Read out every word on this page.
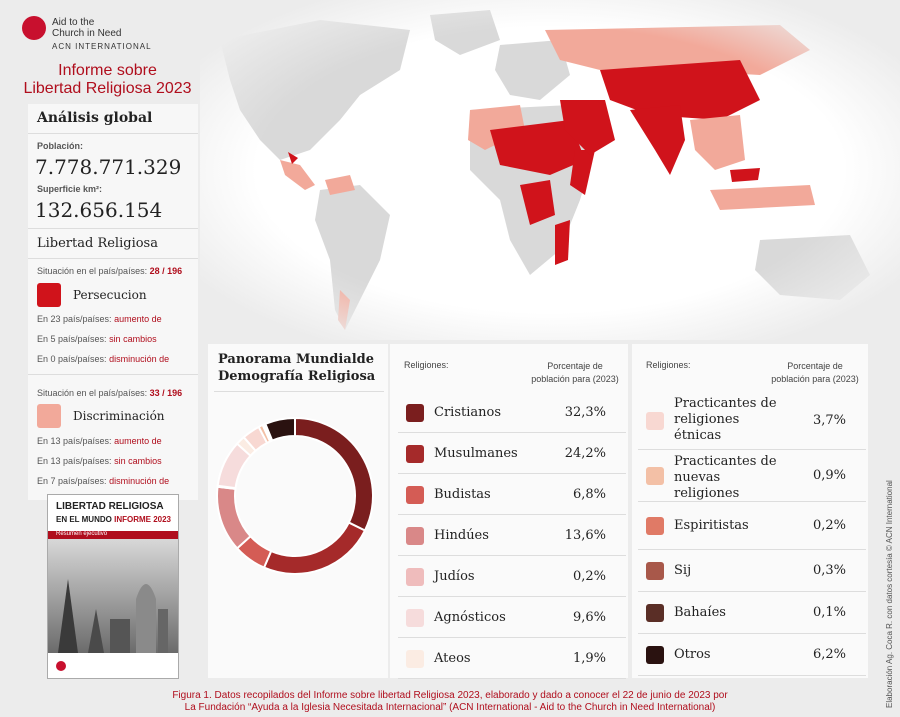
Aid to the
Church in Need
ACN INTERNATIONAL
Informe sobre
Libertad Religiosa 2023
Análisis global
Población:
7.778.771.329
Superficie km²:
132.656.154
Libertad Religiosa
Situación en el país/países: 28 / 196
Persecucion
En 23 país/países: aumento de
En 5 país/países: sin cambios
En 0 país/países: disminución de
Situación en el país/países: 33 / 196
Discriminación
En 13 país/países: aumento de
En 13 país/países: sin cambios
En 7 país/países: disminución de
LIBERTAD RELIGIOSA
EN EL MUNDO INFORME 2023
Resumen ejecutivo
Panorama Mundialde Demografía Religiosa
Religiones:	Porcentaje de población para (2023)
Cristianos	32,3%
Musulmanes	24,2%
Budistas	6,8%
Hindúes	13,6%
Judíos	0,2%
Agnósticos	9,6%
Ateos	1,9%
Religiones:	Porcentaje de población para (2023)
Practicantes de religiones étnicas
3,7%
Practicantes de nuevas religiones
0,9%
Espiritistas	0,2%
Sij	0,3%
Bahaíes	0,1%
Otros	6,2%
Figura 1. Datos recopilados del Informe sobre libertad Religiosa 2023, elaborado y dado a conocer el 22 de junio de 2023 por
La Fundación “Ayuda a la Iglesia Necesitada Internacional” (ACN International - Aid to the Church in Need International)	Elaboración Ag. Coca R. con datos cortesía © ACN International
